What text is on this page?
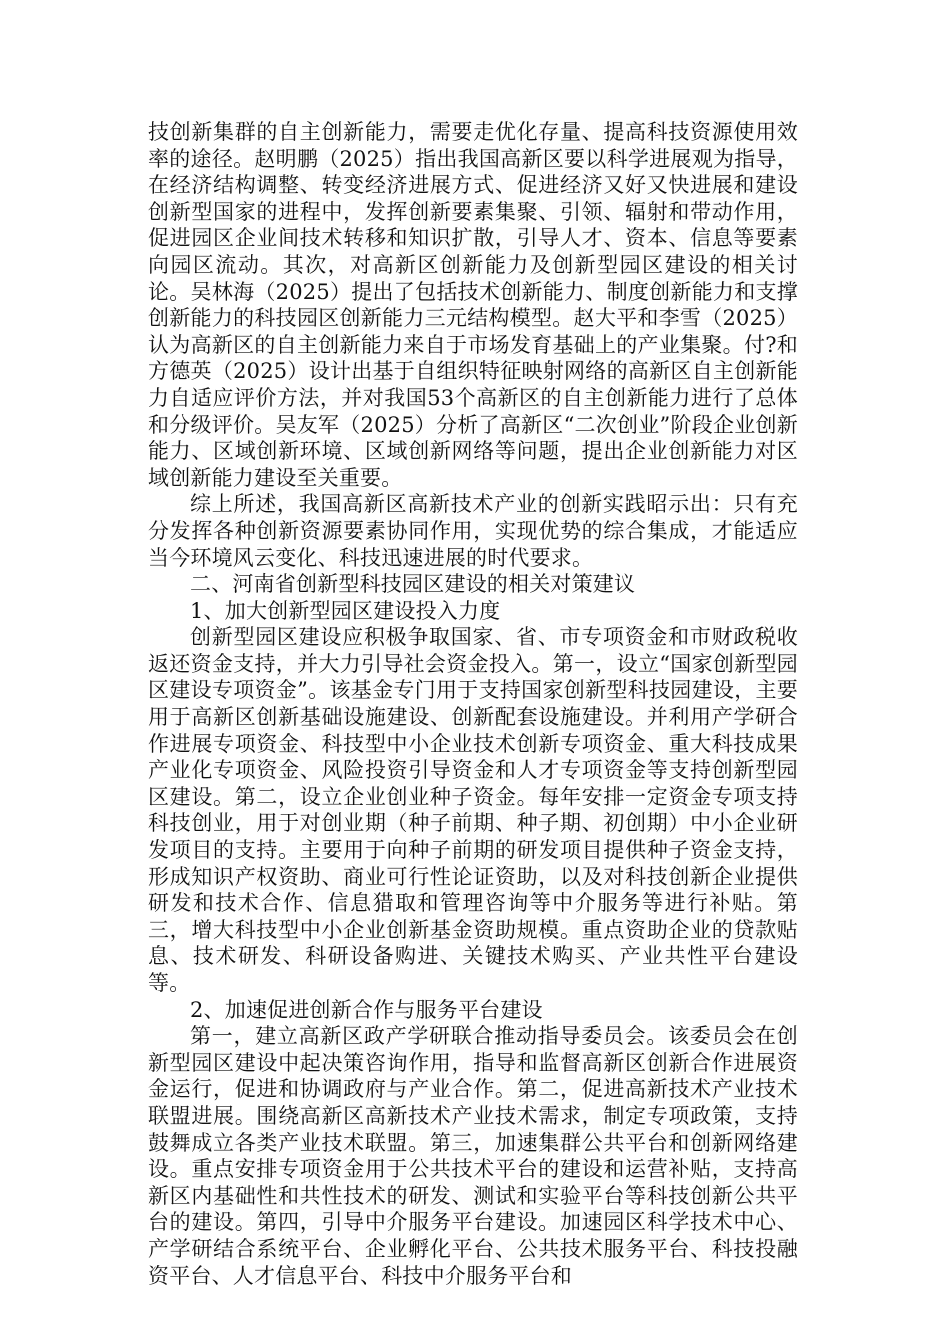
技创新集群的自主创新能力，需要走优化存量、提高科技资源使用效率的途径。赵明鹏（2025）指出我国高新区要以科学进展观为指导，在经济结构调整、转变经济进展方式、促进经济又好又快进展和建设创新型国家的进程中，发挥创新要素集聚、引领、辐射和带动作用，促进园区企业间技术转移和知识扩散，引导人才、资本、信息等要素向园区流动。其次，对高新区创新能力及创新型园区建设的相关讨论。吴林海（2025）提出了包括技术创新能力、制度创新能力和支撑创新能力的科技园区创新能力三元结构模型。赵大平和李雪（2025）认为高新区的自主创新能力来自于市场发育基础上的产业集聚。付?和方德英（2025）设计出基于自组织特征映射网络的高新区自主创新能力自适应评价方法，并对我国53个高新区的自主创新能力进行了总体和分级评价。吴友军（2025）分析了高新区“二次创业”阶段企业创新能力、区域创新环境、区域创新网络等问题，提出企业创新能力对区域创新能力建设至关重要。

综上所述，我国高新区高新技术产业的创新实践昭示出：只有充分发挥各种创新资源要素协同作用，实现优势的综合集成，才能适应当今环境风云变化、科技迅速进展的时代要求。

二、河南省创新型科技园区建设的相关对策建议

1、加大创新型园区建设投入力度

创新型园区建设应积极争取国家、省、市专项资金和市财政税收返还资金支持，并大力引导社会资金投入。第一，设立“国家创新型园区建设专项资金”。该基金专门用于支持国家创新型科技园建设，主要用于高新区创新基础设施建设、创新配套设施建设。并利用产学研合作进展专项资金、科技型中小企业技术创新专项资金、重大科技成果产业化专项资金、风险投资引导资金和人才专项资金等支持创新型园区建设。第二，设立企业创业种子资金。每年安排一定资金专项支持科技创业，用于对创业期（种子前期、种子期、初创期）中小企业研发项目的支持。主要用于向种子前期的研发项目提供种子资金支持，形成知识产权资助、商业可行性论证资助，以及对科技创新企业提供研发和技术合作、信息猎取和管理咨询等中介服务等进行补贴。第三，增大科技型中小企业创新基金资助规模。重点资助企业的贷款贴息、技术研发、科研设备购进、关键技术购买、产业共性平台建设等。

2、加速促进创新合作与服务平台建设

第一，建立高新区政产学研联合推动指导委员会。该委员会在创新型园区建设中起决策咨询作用，指导和监督高新区创新合作进展资金运行，促进和协调政府与产业合作。第二，促进高新技术产业技术联盟进展。围绕高新区高新技术产业技术需求，制定专项政策，支持鼓舞成立各类产业技术联盟。第三，加速集群公共平台和创新网络建设。重点安排专项资金用于公共技术平台的建设和运营补贴，支持高新区内基础性和共性技术的研发、测试和实验平台等科技创新公共平台的建设。第四，引导中介服务平台建设。加速园区科学技术中心、产学研结合系统平台、企业孵化平台、公共技术服务平台、科技投融资平台、人才信息平台、科技中介服务平台和
